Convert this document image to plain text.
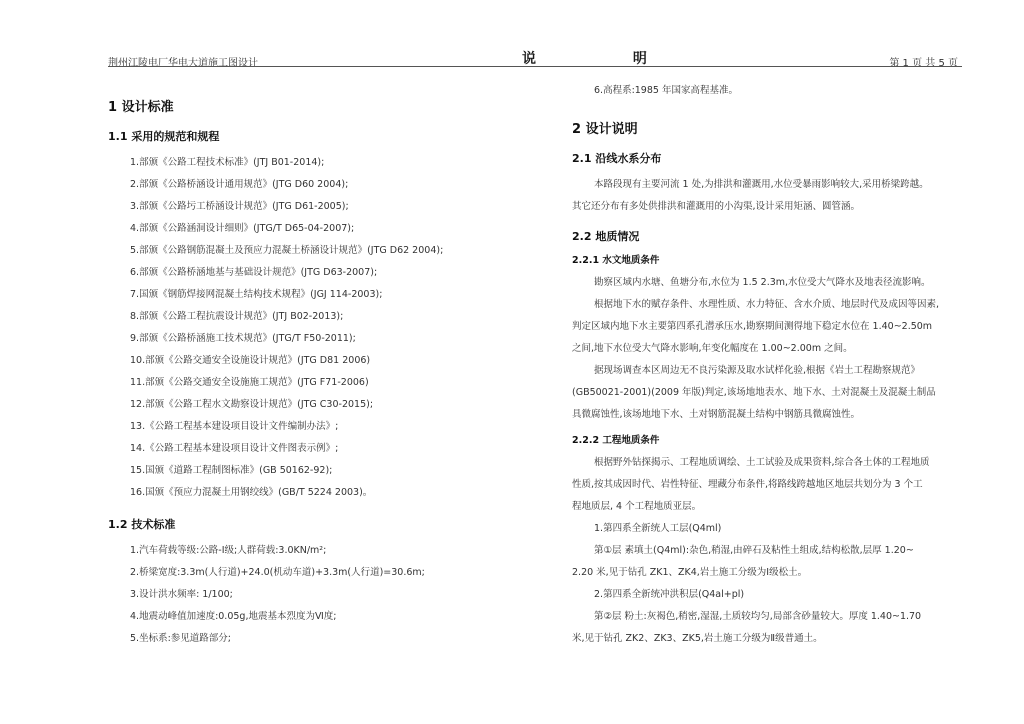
荆州江陵电厂华电大道施工图设计	说 明	第 1 页 共 5 页
1 设计标准
1.1 采用的规范和规程
1.部颁《公路工程技术标准》(JTJ B01-2014);
2.部颁《公路桥涵设计通用规范》(JTG D60 2004);
3.部颁《公路圬工桥涵设计规范》(JTG D61-2005);
4.部颁《公路涵洞设计细则》(JTG/T D65-04-2007);
5.部颁《公路钢筋混凝土及预应力混凝土桥涵设计规范》(JTG D62 2004);
6.部颁《公路桥涵地基与基础设计规范》(JTG D63-2007);
7.国颁《钢筋焊接网混凝土结构技术规程》(JGJ 114-2003);
8.部颁《公路工程抗震设计规范》(JTJ B02-2013);
9.部颁《公路桥涵施工技术规范》(JTG/T F50-2011);
10.部颁《公路交通安全设施设计规范》(JTG D81 2006)
11.部颁《公路交通安全设施施工规范》(JTG F71-2006)
12.部颁《公路工程水文勘察设计规范》(JTG C30-2015);
13.《公路工程基本建设项目设计文件编制办法》;
14.《公路工程基本建设项目设计文件图表示例》;
15.国颁《道路工程制图标准》(GB 50162-92);
16.国颁《预应力混凝土用钢绞线》(GB/T 5224 2003)。
1.2 技术标准
1.汽车荷载等级:公路-Ⅰ级;人群荷载:3.0KN/m²;
2.桥梁宽度:3.3m(人行道)+24.0(机动车道)+3.3m(人行道)=30.6m;
3.设计洪水频率: 1/100;
4.地震动峰值加速度:0.05g,地震基本烈度为Ⅵ度;
5.坐标系:参见道路部分;
6.高程系:1985 年国家高程基准。
2 设计说明
2.1 沿线水系分布
本路段现有主要河流 1 处,为排洪和灌溉用,水位受暴雨影响较大,采用桥梁跨越。
其它还分布有多处供排洪和灌溉用的小沟渠,设计采用矩涵、圆管涵。
2.2 地质情况
2.2.1 水文地质条件
勘察区域内水塘、鱼塘分布,水位为 1.5 2.3m,水位受大气降水及地表径流影响。
根据地下水的赋存条件、水理性质、水力特征、含水介质、地层时代及成因等因素,
判定区域内地下水主要第四系孔潜承压水,勘察期间测得地下稳定水位在 1.40~2.50m
之间,地下水位受大气降水影响,年变化幅度在 1.00~2.00m 之间。
据现场调查本区周边无不良污染源及取水试样化验,根据《岩土工程勘察规范》
(GB50021-2001)(2009 年版)判定,该场地地表水、地下水、土对混凝土及混凝土制品
具微腐蚀性,该场地地下水、土对钢筋混凝土结构中钢筋具微腐蚀性。
2.2.2 工程地质条件
根据野外钻探揭示、工程地质调绘、土工试验及成果资料,综合各土体的工程地质
性质,按其成因时代、岩性特征、埋藏分布条件,将路线跨越地区地层共划分为 3 个工
程地质层, 4 个工程地质亚层。
1.第四系全新统人工层(Q4ml)
第①层 素填土(Q4ml):杂色,稍湿,由碎石及粘性土组成,结构松散,层厚 1.20~
2.20 米,见于钻孔 ZK1、ZK4,岩土施工分级为Ⅰ级松土。
2.第四系全新统冲洪积层(Q4al+pl)
第②层 粉土:灰褐色,稍密,湿湿,土质较均匀,局部含砂量较大。厚度 1.40~1.70
米,见于钻孔 ZK2、ZK3、ZK5,岩土施工分级为Ⅱ级普通土。
